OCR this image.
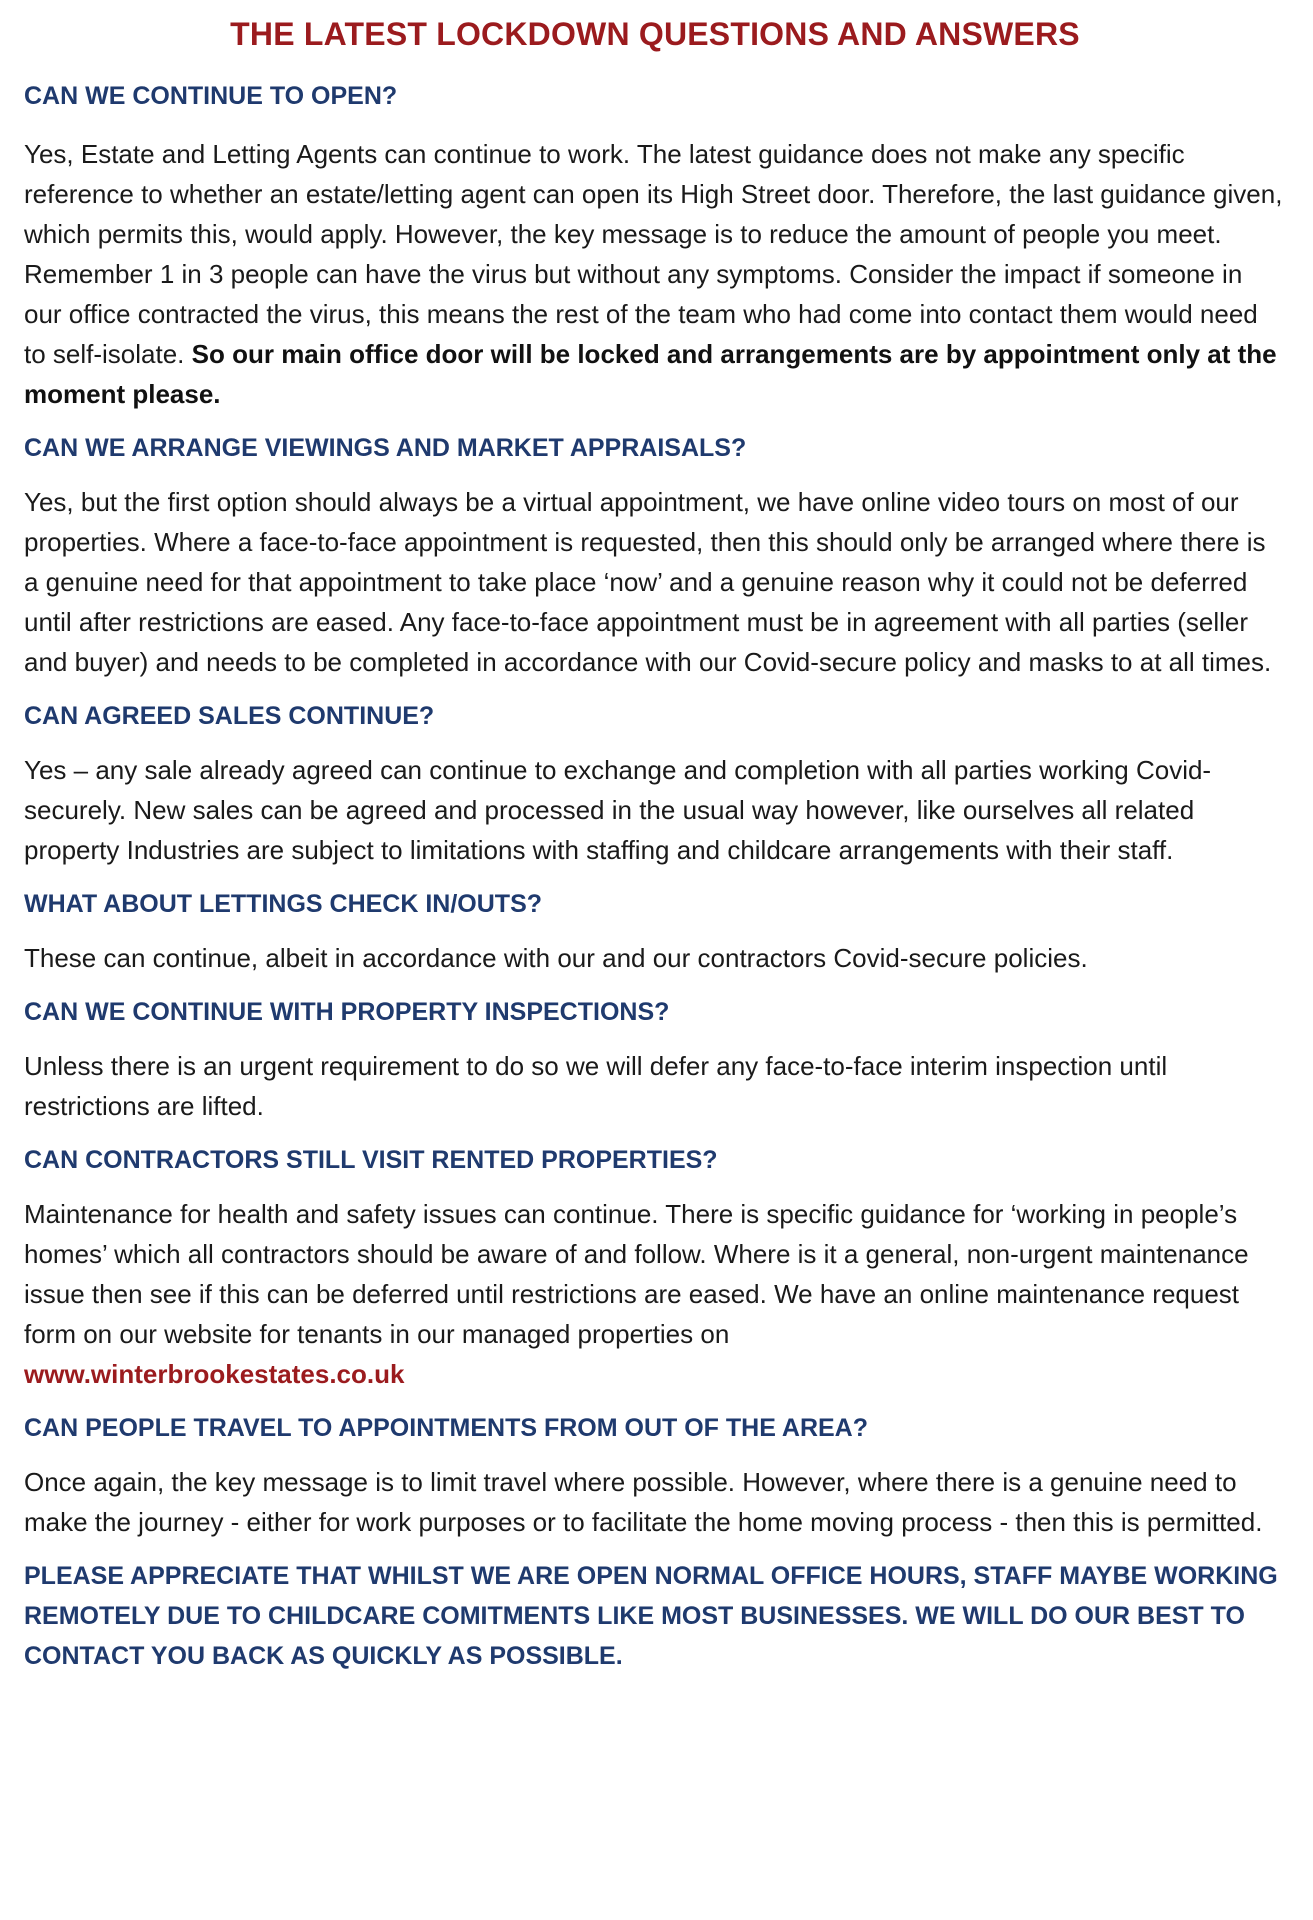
THE LATEST LOCKDOWN QUESTIONS AND ANSWERS

CAN WE CONTINUE TO OPEN?

Yes, Estate and Letting Agents can continue to work. The latest guidance does not make any specific reference to whether an estate/letting agent can open its High Street door. Therefore, the last guidance given, which permits this, would apply. However, the key message is to reduce the amount of people you meet. Remember 1 in 3 people can have the virus but without any symptoms. Consider the impact if someone in our office contracted the virus, this means the rest of the team who had come into contact them would need to self-isolate. So our main office door will be locked and arrangements are by appointment only at the moment please.

CAN WE ARRANGE VIEWINGS AND MARKET APPRAISALS?

Yes, but the first option should always be a virtual appointment, we have online video tours on most of our properties. Where a face-to-face appointment is requested, then this should only be arranged where there is a genuine need for that appointment to take place ‘now’ and a genuine reason why it could not be deferred until after restrictions are eased. Any face-to-face appointment must be in agreement with all parties (seller and buyer) and needs to be completed in accordance with our Covid-secure policy and masks to at all times.

CAN AGREED SALES CONTINUE?

Yes – any sale already agreed can continue to exchange and completion with all parties working Covid-securely. New sales can be agreed and processed in the usual way however, like ourselves all related property Industries are subject to limitations with staffing and childcare arrangements with their staff.

WHAT ABOUT LETTINGS CHECK IN/OUTS?

These can continue, albeit in accordance with our and our contractors Covid-secure policies.

CAN WE CONTINUE WITH PROPERTY INSPECTIONS?

Unless there is an urgent requirement to do so we will defer any face-to-face interim inspection until restrictions are lifted.

CAN CONTRACTORS STILL VISIT RENTED PROPERTIES?

Maintenance for health and safety issues can continue. There is specific guidance for ‘working in people’s homes’ which all contractors should be aware of and follow. Where is it a general, non-urgent maintenance issue then see if this can be deferred until restrictions are eased. We have an online maintenance request form on our website for tenants in our managed properties on
www.winterbrookestates.co.uk

CAN PEOPLE TRAVEL TO APPOINTMENTS FROM OUT OF THE AREA?

Once again, the key message is to limit travel where possible. However, where there is a genuine need to make the journey - either for work purposes or to facilitate the home moving process - then this is permitted.

PLEASE APPRECIATE THAT WHILST WE ARE OPEN NORMAL OFFICE HOURS, STAFF MAYBE WORKING REMOTELY DUE TO CHILDCARE COMITMENTS LIKE MOST BUSINESSES. WE WILL DO OUR BEST TO CONTACT YOU BACK AS QUICKLY AS POSSIBLE.
